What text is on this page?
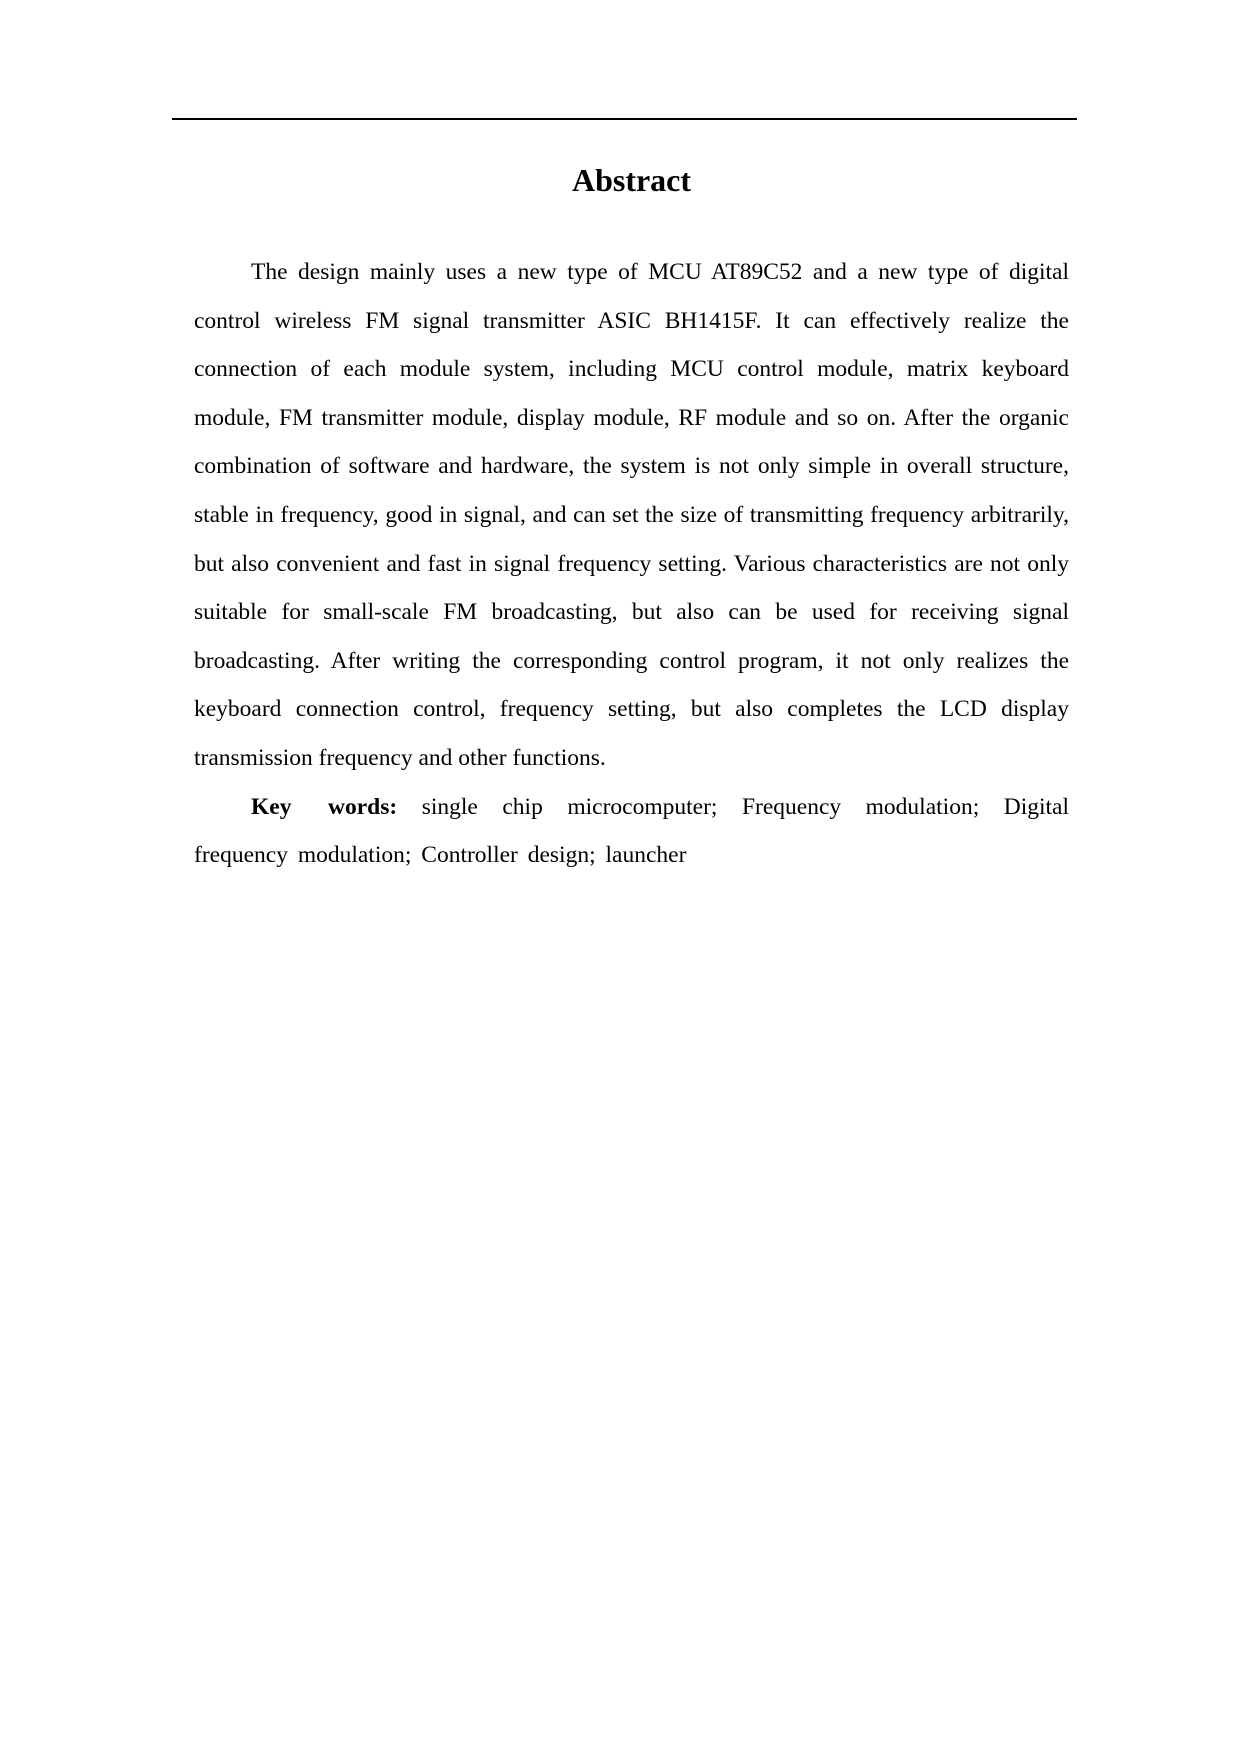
Abstract

The design mainly uses a new type of MCU AT89C52 and a new type of digital control wireless FM signal transmitter ASIC BH1415F. It can effectively realize the connection of each module system, including MCU control module, matrix keyboard module, FM transmitter module, display module, RF module and so on. After the organic combination of software and hardware, the system is not only simple in overall structure, stable in frequency, good in signal, and can set the size of transmitting frequency arbitrarily, but also convenient and fast in signal frequency setting. Various characteristics are not only suitable for small-scale FM broadcasting, but also can be used for receiving signal broadcasting. After writing the corresponding control program, it not only realizes the keyboard connection control, frequency setting, but also completes the LCD display transmission frequency and other functions.

Key words: single chip microcomputer; Frequency modulation; Digital frequency modulation; Controller design; launcher
